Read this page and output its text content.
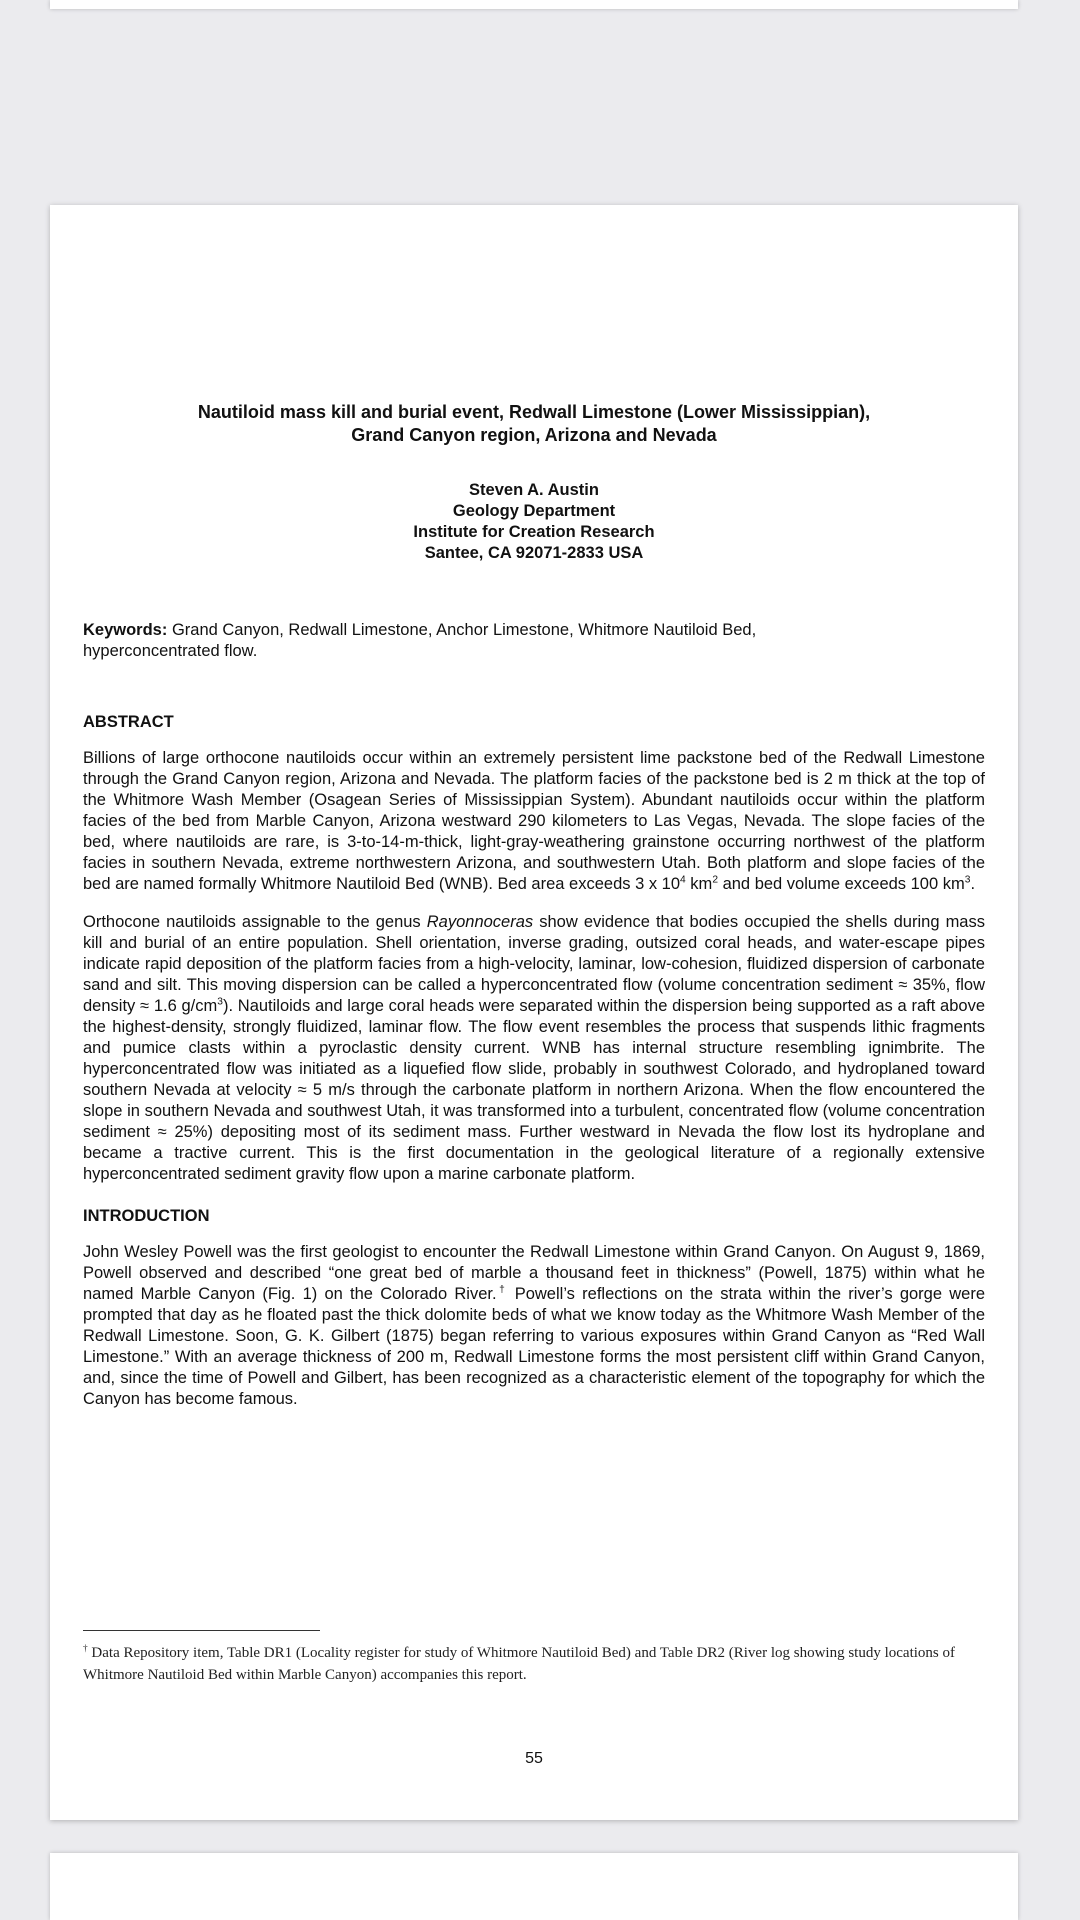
Nautiloid mass kill and burial event, Redwall Limestone (Lower Mississippian),
Grand Canyon region, Arizona and Nevada
Steven A. Austin
Geology Department
Institute for Creation Research
Santee, CA 92071-2833 USA
Keywords: Grand Canyon, Redwall Limestone, Anchor Limestone, Whitmore Nautiloid Bed, hyperconcentrated flow.
ABSTRACT
Billions of large orthocone nautiloids occur within an extremely persistent lime packstone bed of the Redwall Limestone through the Grand Canyon region, Arizona and Nevada. The platform facies of the packstone bed is 2 m thick at the top of the Whitmore Wash Member (Osagean Series of Mississippian System). Abundant nautiloids occur within the platform facies of the bed from Marble Canyon, Arizona westward 290 kilometers to Las Vegas, Nevada. The slope facies of the bed, where nautiloids are rare, is 3-to-14-m-thick, light-gray-weathering grainstone occurring northwest of the platform facies in southern Nevada, extreme northwestern Arizona, and southwestern Utah. Both platform and slope facies of the bed are named formally Whitmore Nautiloid Bed (WNB). Bed area exceeds 3 x $10^4$ $km^2$ and bed volume exceeds 100 $km^3$.
Orthocone nautiloids assignable to the genus Rayonnoceras show evidence that bodies occupied the shells during mass kill and burial of an entire population. Shell orientation, inverse grading, outsized coral heads, and water-escape pipes indicate rapid deposition of the platform facies from a high-velocity, laminar, low-cohesion, fluidized dispersion of carbonate sand and silt. This moving dispersion can be called a hyperconcentrated flow (volume concentration sediment ≈ 35%, flow density ≈ 1.6 $g/cm^3$). Nautiloids and large coral heads were separated within the dispersion being supported as a raft above the highest-density, strongly fluidized, laminar flow. The flow event resembles the process that suspends lithic fragments and pumice clasts within a pyroclastic density current. WNB has internal structure resembling ignimbrite. The hyperconcentrated flow was initiated as a liquefied flow slide, probably in southwest Colorado, and hydroplaned toward southern Nevada at velocity ≈ 5 m/s through the carbonate platform in northern Arizona. When the flow encountered the slope in southern Nevada and southwest Utah, it was transformed into a turbulent, concentrated flow (volume concentration sediment ≈ 25%) depositing most of its sediment mass. Further westward in Nevada the flow lost its hydroplane and became a tractive current. This is the first documentation in the geological literature of a regionally extensive hyperconcentrated sediment gravity flow upon a marine carbonate platform.
INTRODUCTION
John Wesley Powell was the first geologist to encounter the Redwall Limestone within Grand Canyon. On August 9, 1869, Powell observed and described “one great bed of marble a thousand feet in thickness” (Powell, 1875) within what he named Marble Canyon (Fig. 1) on the Colorado River.† Powell’s reflections on the strata within the river’s gorge were prompted that day as he floated past the thick dolomite beds of what we know today as the Whitmore Wash Member of the Redwall Limestone. Soon, G. K. Gilbert (1875) began referring to various exposures within Grand Canyon as “Red Wall Limestone.” With an average thickness of 200 m, Redwall Limestone forms the most persistent cliff within Grand Canyon, and, since the time of Powell and Gilbert, has been recognized as a characteristic element of the topography for which the Canyon has become famous.
† Data Repository item, Table DR1 (Locality register for study of Whitmore Nautiloid Bed) and Table DR2 (River log showing study locations of Whitmore Nautiloid Bed within Marble Canyon) accompanies this report.
55
